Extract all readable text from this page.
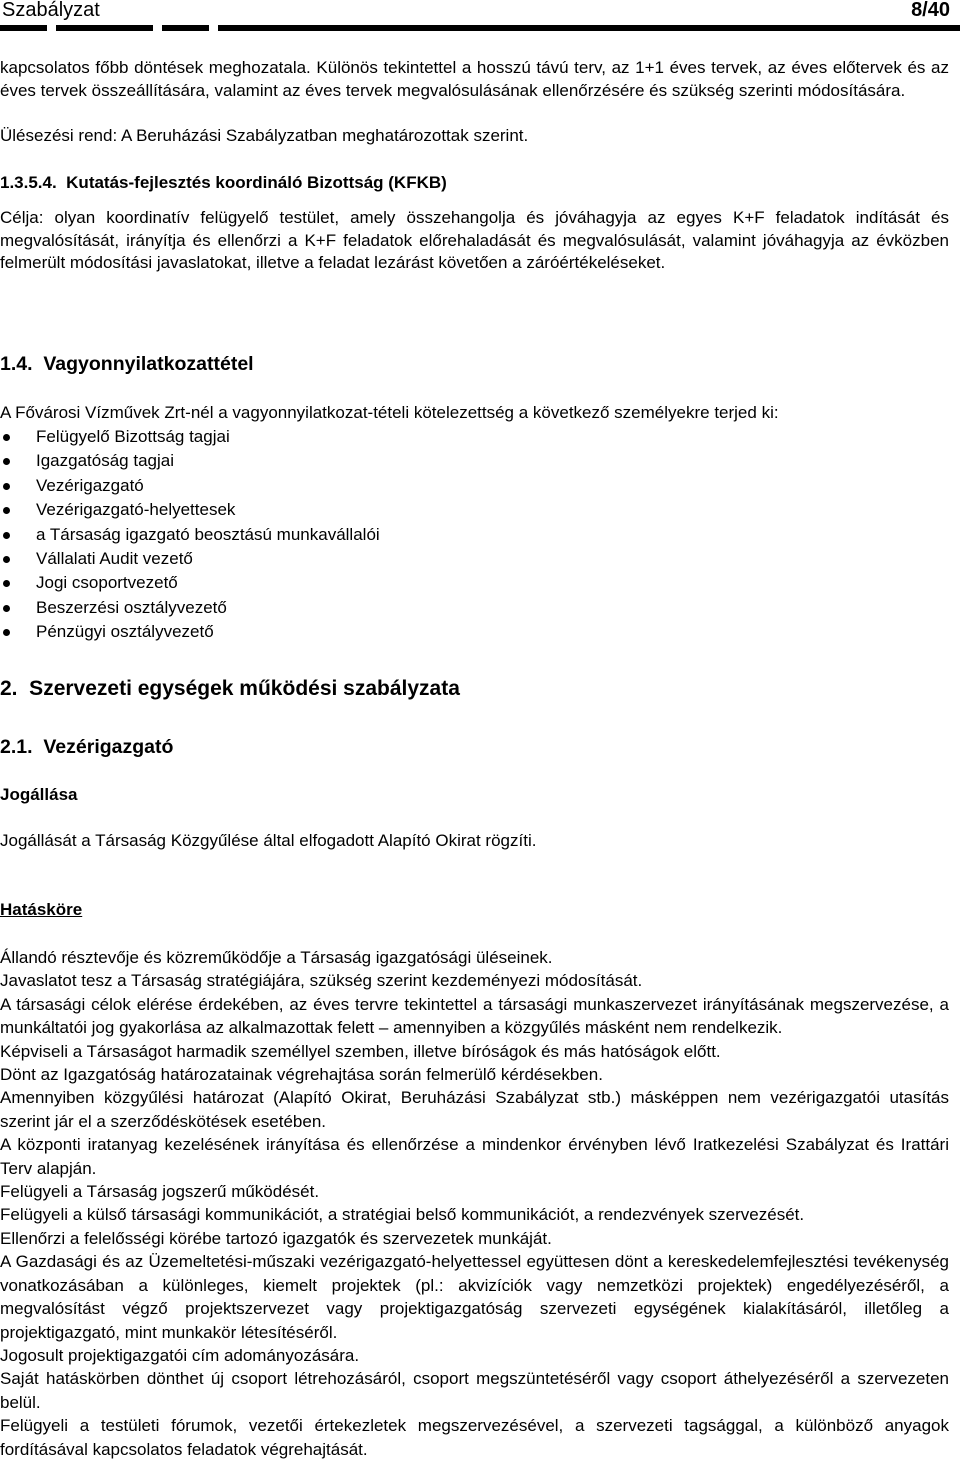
Szabályzat	8/40

kapcsolatos főbb döntések meghozatala. Különös tekintettel a hosszú távú terv, az 1+1 éves tervek, az éves előtervek és az éves tervek összeállítására, valamint az éves tervek megvalósulásának ellenőrzésére és szükség szerinti módosítására.

Ülésezési rend: A Beruházási Szabályzatban meghatározottak szerint.

1.3.5.4.  Kutatás-fejlesztés koordináló Bizottság (KFKB)

Célja: olyan koordinatív felügyelő testület, amely összehangolja és jóváhagyja az egyes K+F feladatok indítását és megvalósítását, irányítja és ellenőrzi a K+F feladatok előrehaladását és megvalósulását, valamint jóváhagyja az évközben felmerült módosítási javaslatokat, illetve a feladat lezárást követően a záróértékeléseket.

1.4.  Vagyonnyilatkozattétel

A Fővárosi Vízművek Zrt-nél a vagyonnyilatkozat-tételi kötelezettség a következő személyekre terjed ki:

Felügyelő Bizottság tagjai
Igazgatóság tagjai
Vezérigazgató
Vezérigazgató-helyettesek
a Társaság igazgató beosztású munkavállalói
Vállalati Audit vezető
Jogi csoportvezető
Beszerzési osztályvezető
Pénzügyi osztályvezető

2.  Szervezeti egységek működési szabályzata

2.1.  Vezérigazgató

Jogállása

Jogállását a Társaság Közgyűlése által elfogadott Alapító Okirat rögzíti.

Hatásköre

Állandó résztevője és közreműködője a Társaság igazgatósági üléseinek.

Javaslatot tesz a Társaság stratégiájára, szükség szerint kezdeményezi módosítását.

A társasági célok elérése érdekében, az éves tervre tekintettel a társasági munkaszervezet irányításának megszervezése, a munkáltatói jog gyakorlása az alkalmazottak felett – amennyiben a közgyűlés másként nem rendelkezik.

Képviseli a Társaságot harmadik személlyel szemben, illetve bíróságok és más hatóságok előtt.

Dönt az Igazgatóság határozatainak végrehajtása során felmerülő kérdésekben.

Amennyiben közgyűlési határozat (Alapító Okirat, Beruházási Szabályzat stb.) másképpen nem vezérigazgatói utasítás szerint jár el a szerződéskötések esetében.

A központi iratanyag kezelésének irányítása és ellenőrzése a mindenkor érvényben lévő Iratkezelési Szabályzat és Irattári Terv alapján.

Felügyeli a Társaság jogszerű működését.

Felügyeli a külső társasági kommunikációt, a stratégiai belső kommunikációt, a rendezvények szervezését.

Ellenőrzi a felelősségi körébe tartozó igazgatók és szervezetek munkáját.

A Gazdasági és az Üzemeltetési-műszaki vezérigazgató-helyettessel együttesen dönt a kereskedelemfejlesztési tevékenység vonatkozásában a különleges, kiemelt projektek (pl.: akvizíciók vagy nemzetközi projektek) engedélyezéséről, a megvalósítást végző projektszervezet vagy projektigazgatóság szervezeti egységének kialakításáról, illetőleg a projektigazgató, mint munkakör létesítéséről.

Jogosult projektigazgatói cím adományozására.

Saját hatáskörben dönthet új csoport létrehozásáról, csoport megszüntetéséről vagy csoport áthelyezéséről a szervezeten belül.

Felügyeli a testületi fórumok, vezetői értekezletek megszervezésével, a szervezeti tagsággal, a különböző anyagok fordításával kapcsolatos feladatok végrehajtását.
